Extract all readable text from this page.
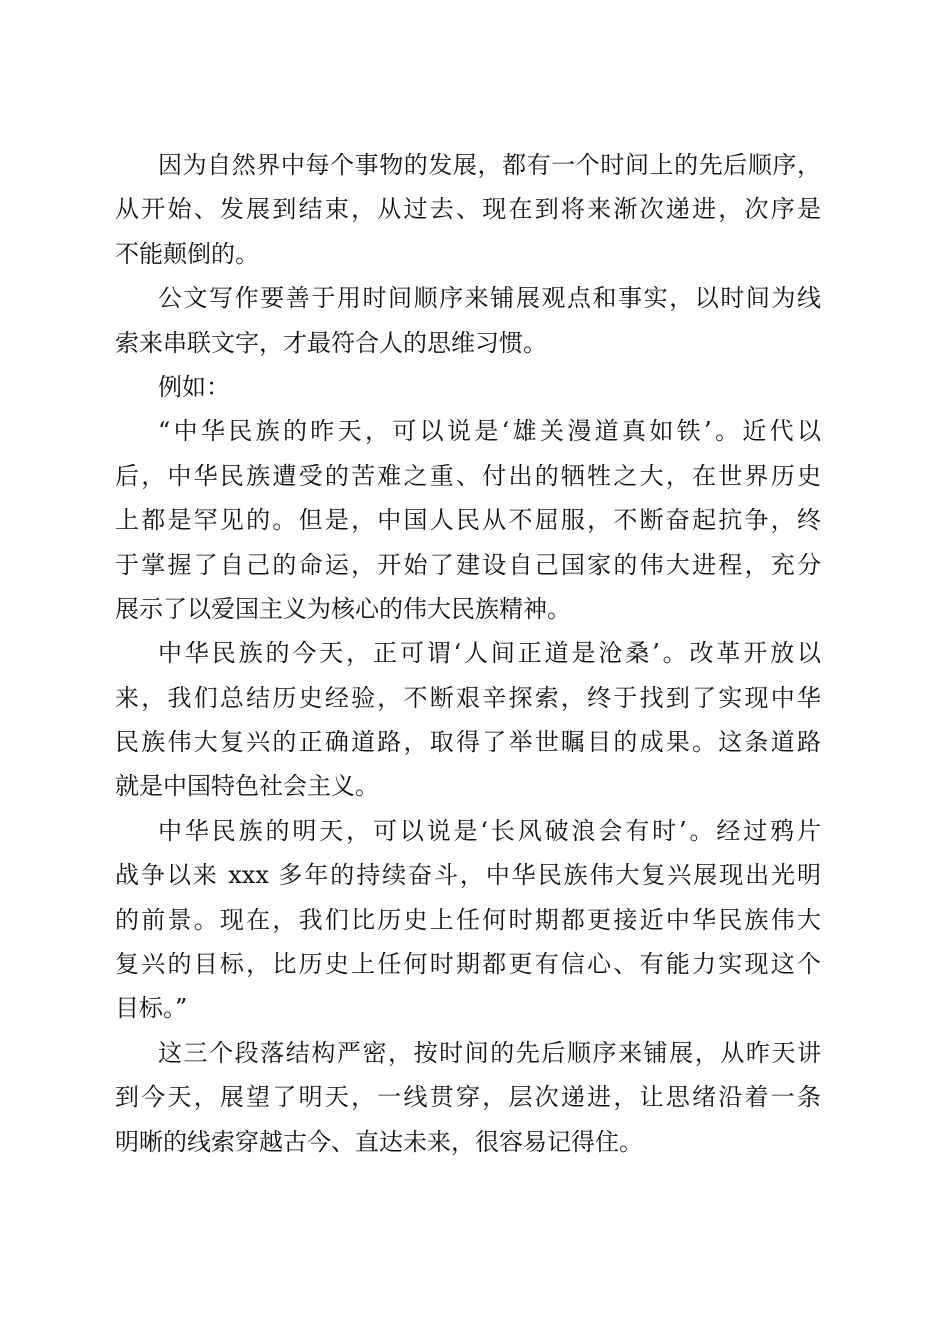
因为自然界中每个事物的发展，都有一个时间上的先后顺序，
从开始、发展到结束，从过去、现在到将来渐次递进，次序是
不能颠倒的。
公文写作要善于用时间顺序来铺展观点和事实，以时间为线
索来串联文字，才最符合人的思维习惯。
例如：
“中华民族的昨天，可以说是‘雄关漫道真如铁’。近代以
后，中华民族遭受的苦难之重、付出的牺牲之大，在世界历史
上都是罕见的。但是，中国人民从不屈服，不断奋起抗争，终
于掌握了自己的命运，开始了建设自己国家的伟大进程，充分
展示了以爱国主义为核心的伟大民族精神。
中华民族的今天，正可谓‘人间正道是沧桑’。改革开放以
来，我们总结历史经验，不断艰辛探索，终于找到了实现中华
民族伟大复兴的正确道路，取得了举世瞩目的成果。这条道路
就是中国特色社会主义。
中华民族的明天，可以说是‘长风破浪会有时’。经过鸦片
战争以来 xxx 多年的持续奋斗，中华民族伟大复兴展现出光明
的前景。现在，我们比历史上任何时期都更接近中华民族伟大
复兴的目标，比历史上任何时期都更有信心、有能力实现这个
目标。”
这三个段落结构严密，按时间的先后顺序来铺展，从昨天讲
到今天，展望了明天，一线贯穿，层次递进，让思绪沿着一条
明晰的线索穿越古今、直达未来，很容易记得住。
